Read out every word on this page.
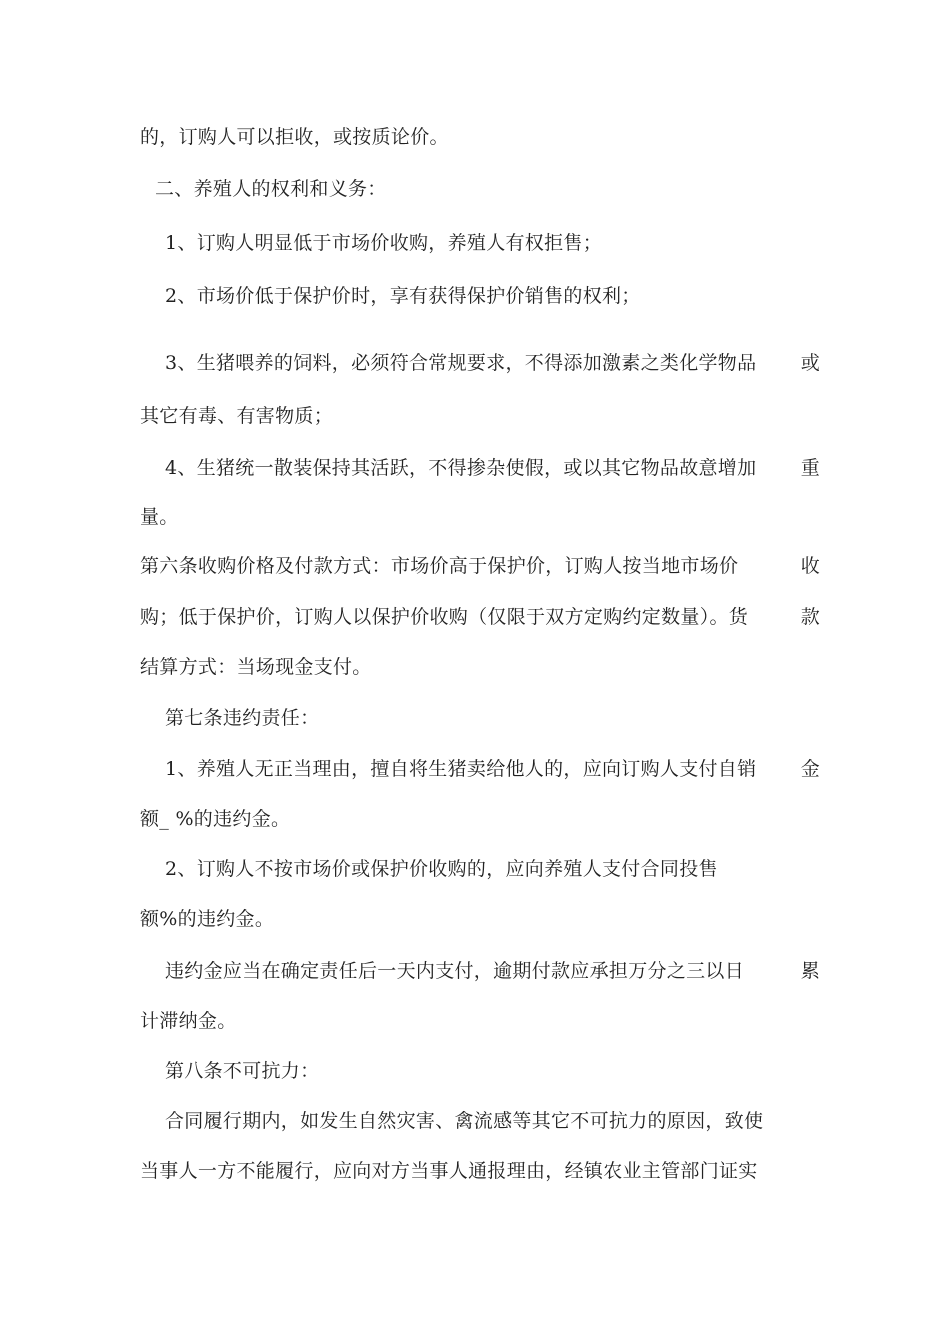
的，订购人可以拒收，或按质论价。
二、养殖人的权利和义务：
1、订购人明显低于市场价收购，养殖人有权拒售；
2、市场价低于保护价时，享有获得保护价销售的权利；
3、生猪喂养的饲料，必须符合常规要求，不得添加激素之类化学物品 或
其它有毒、有害物质；
4、生猪统一散装保持其活跃，不得掺杂使假，或以其它物品故意增加 重
量。
第六条收购价格及付款方式：市场价高于保护价，订购人按当地市场价	收
购；低于保护价，订购人以保护价收购（仅限于双方定购约定数量）。货	款
结算方式：当场现金支付。
第七条违约责任：
1、养殖人无正当理由，擅自将生猪卖给他人的，应向订购人支付自销 金
额_ %的违约金。
2、订购人不按市场价或保护价收购的，应向养殖人支付合同投售
额%的违约金。
违约金应当在确定责任后一天内支付，逾期付款应承担万分之三以日	累
计滞纳金。
第八条不可抗力：
合同履行期内，如发生自然灾害、禽流感等其它不可抗力的原因，致使
当事人一方不能履行，应向对方当事人通报理由，经镇农业主管部门证实
